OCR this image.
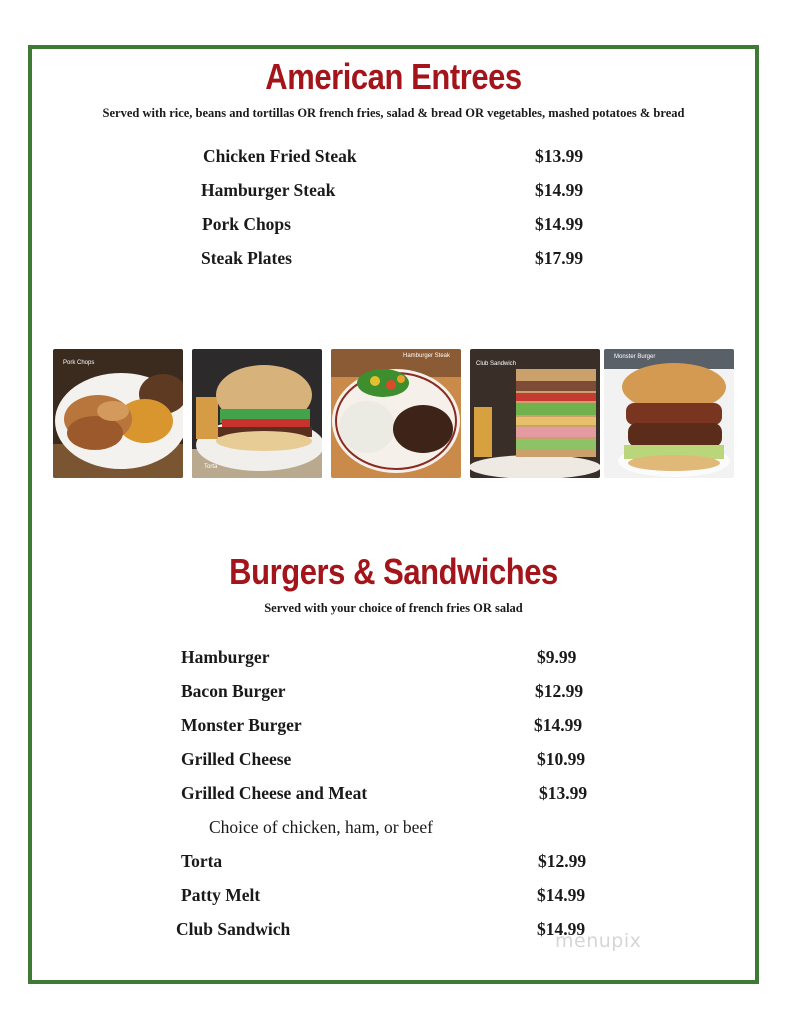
American Entrees
Served with rice, beans and tortillas OR french fries, salad & bread OR vegetables, mashed potatoes & bread
Chicken Fried Steak	$13.99
Hamburger Steak	$14.99
Pork Chops	$14.99
Steak Plates	$17.99
Pork Chops
Torta
Hamburger Steak
Club Sandwich
Monster Burger
Burgers & Sandwiches
Served with your choice of french fries OR salad
Hamburger	$9.99
Bacon Burger	$12.99
Monster Burger	$14.99
Grilled Cheese	$10.99
Grilled Cheese and Meat	$13.99
Choice of chicken, ham, or beef
Torta	$12.99
Patty Melt	$14.99
Club Sandwich	$14.99
menupix
